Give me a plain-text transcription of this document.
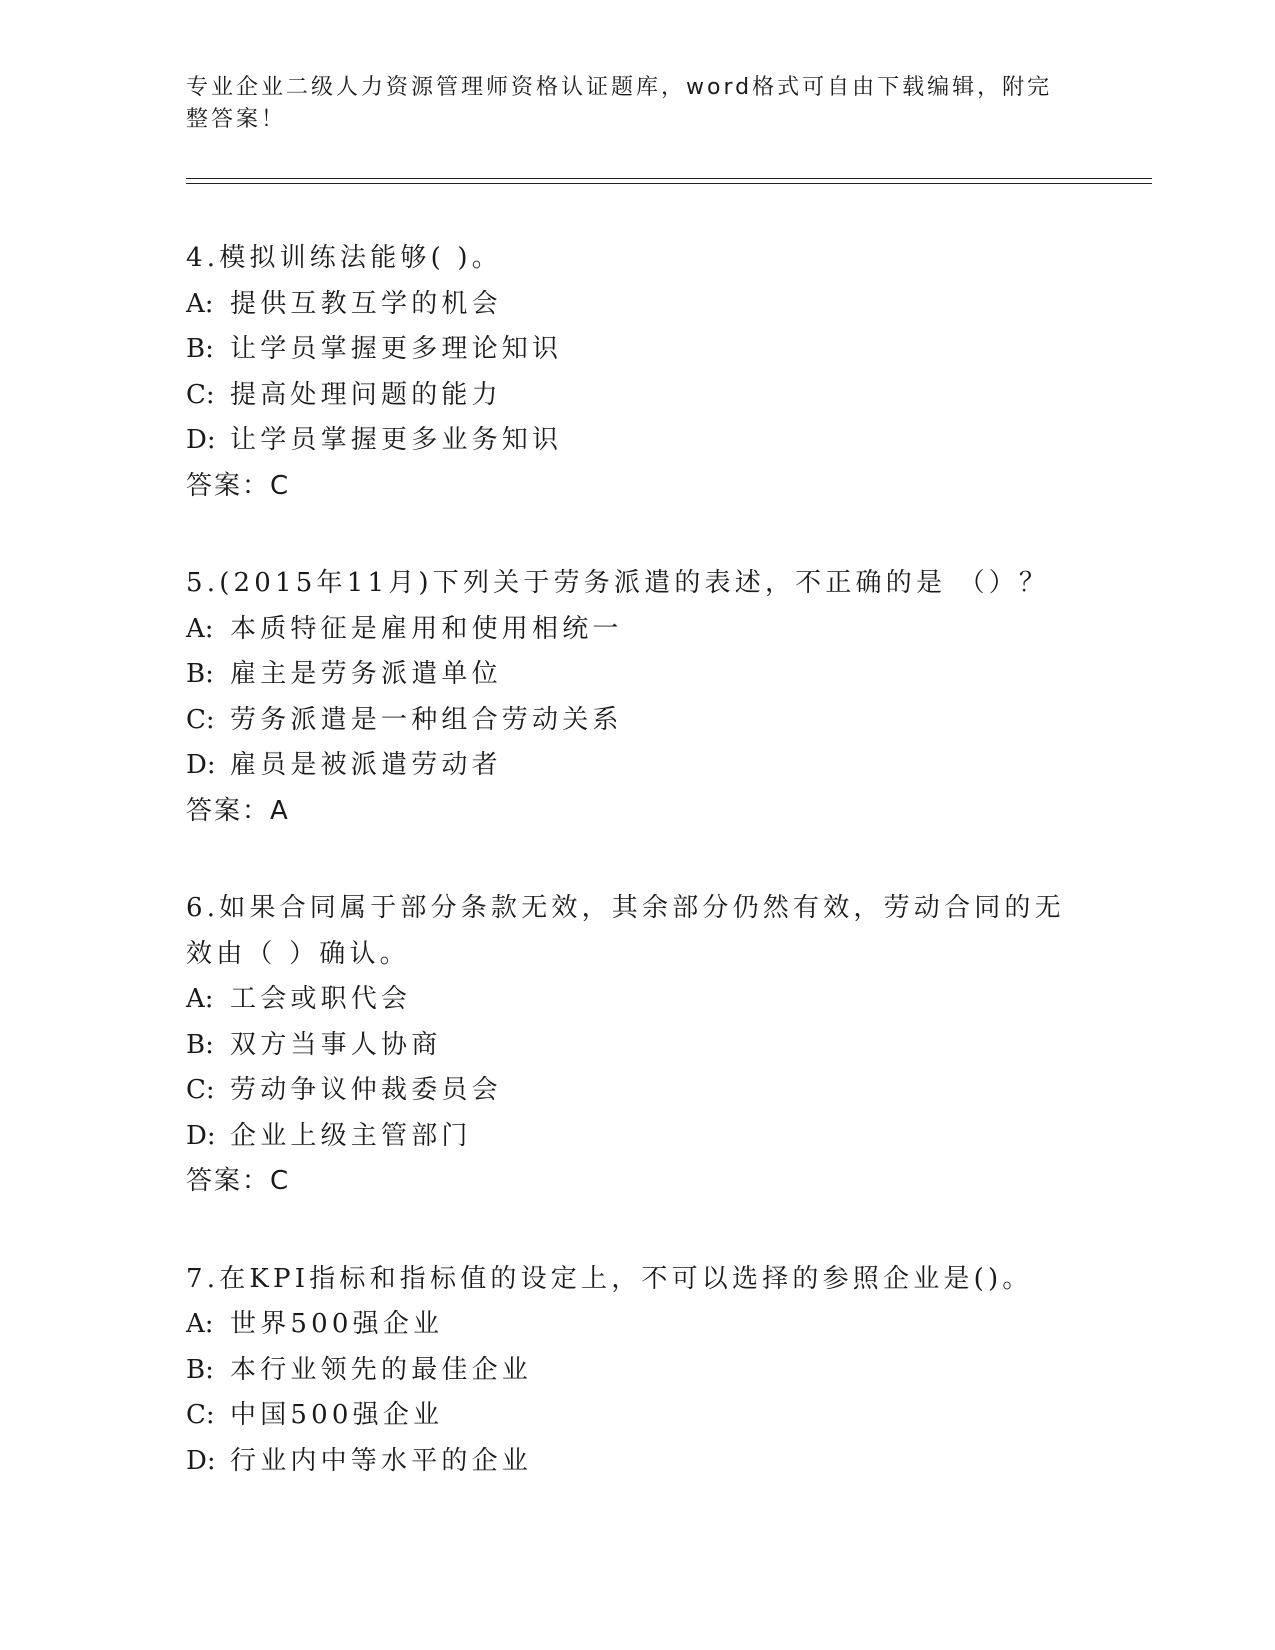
专业企业二级人力资源管理师资格认证题库，word格式可自由下载编辑，附完整答案！

4.模拟训练法能够( )。

A: 提供互教互学的机会

B: 让学员掌握更多理论知识

C: 提高处理问题的能力

D: 让学员掌握更多业务知识

答案：C

5.(2015年11月)下列关于劳务派遣的表述，不正确的是 （）？

A: 本质特征是雇用和使用相统一

B: 雇主是劳务派遣单位

C: 劳务派遣是一种组合劳动关系

D: 雇员是被派遣劳动者

答案：A

6.如果合同属于部分条款无效，其余部分仍然有效，劳动合同的无效由（ ）确认。

A: 工会或职代会

B: 双方当事人协商

C: 劳动争议仲裁委员会

D: 企业上级主管部门

答案：C

7.在KPI指标和指标值的设定上，不可以选择的参照企业是()。

A: 世界500强企业

B: 本行业领先的最佳企业

C: 中国500强企业

D: 行业内中等水平的企业
